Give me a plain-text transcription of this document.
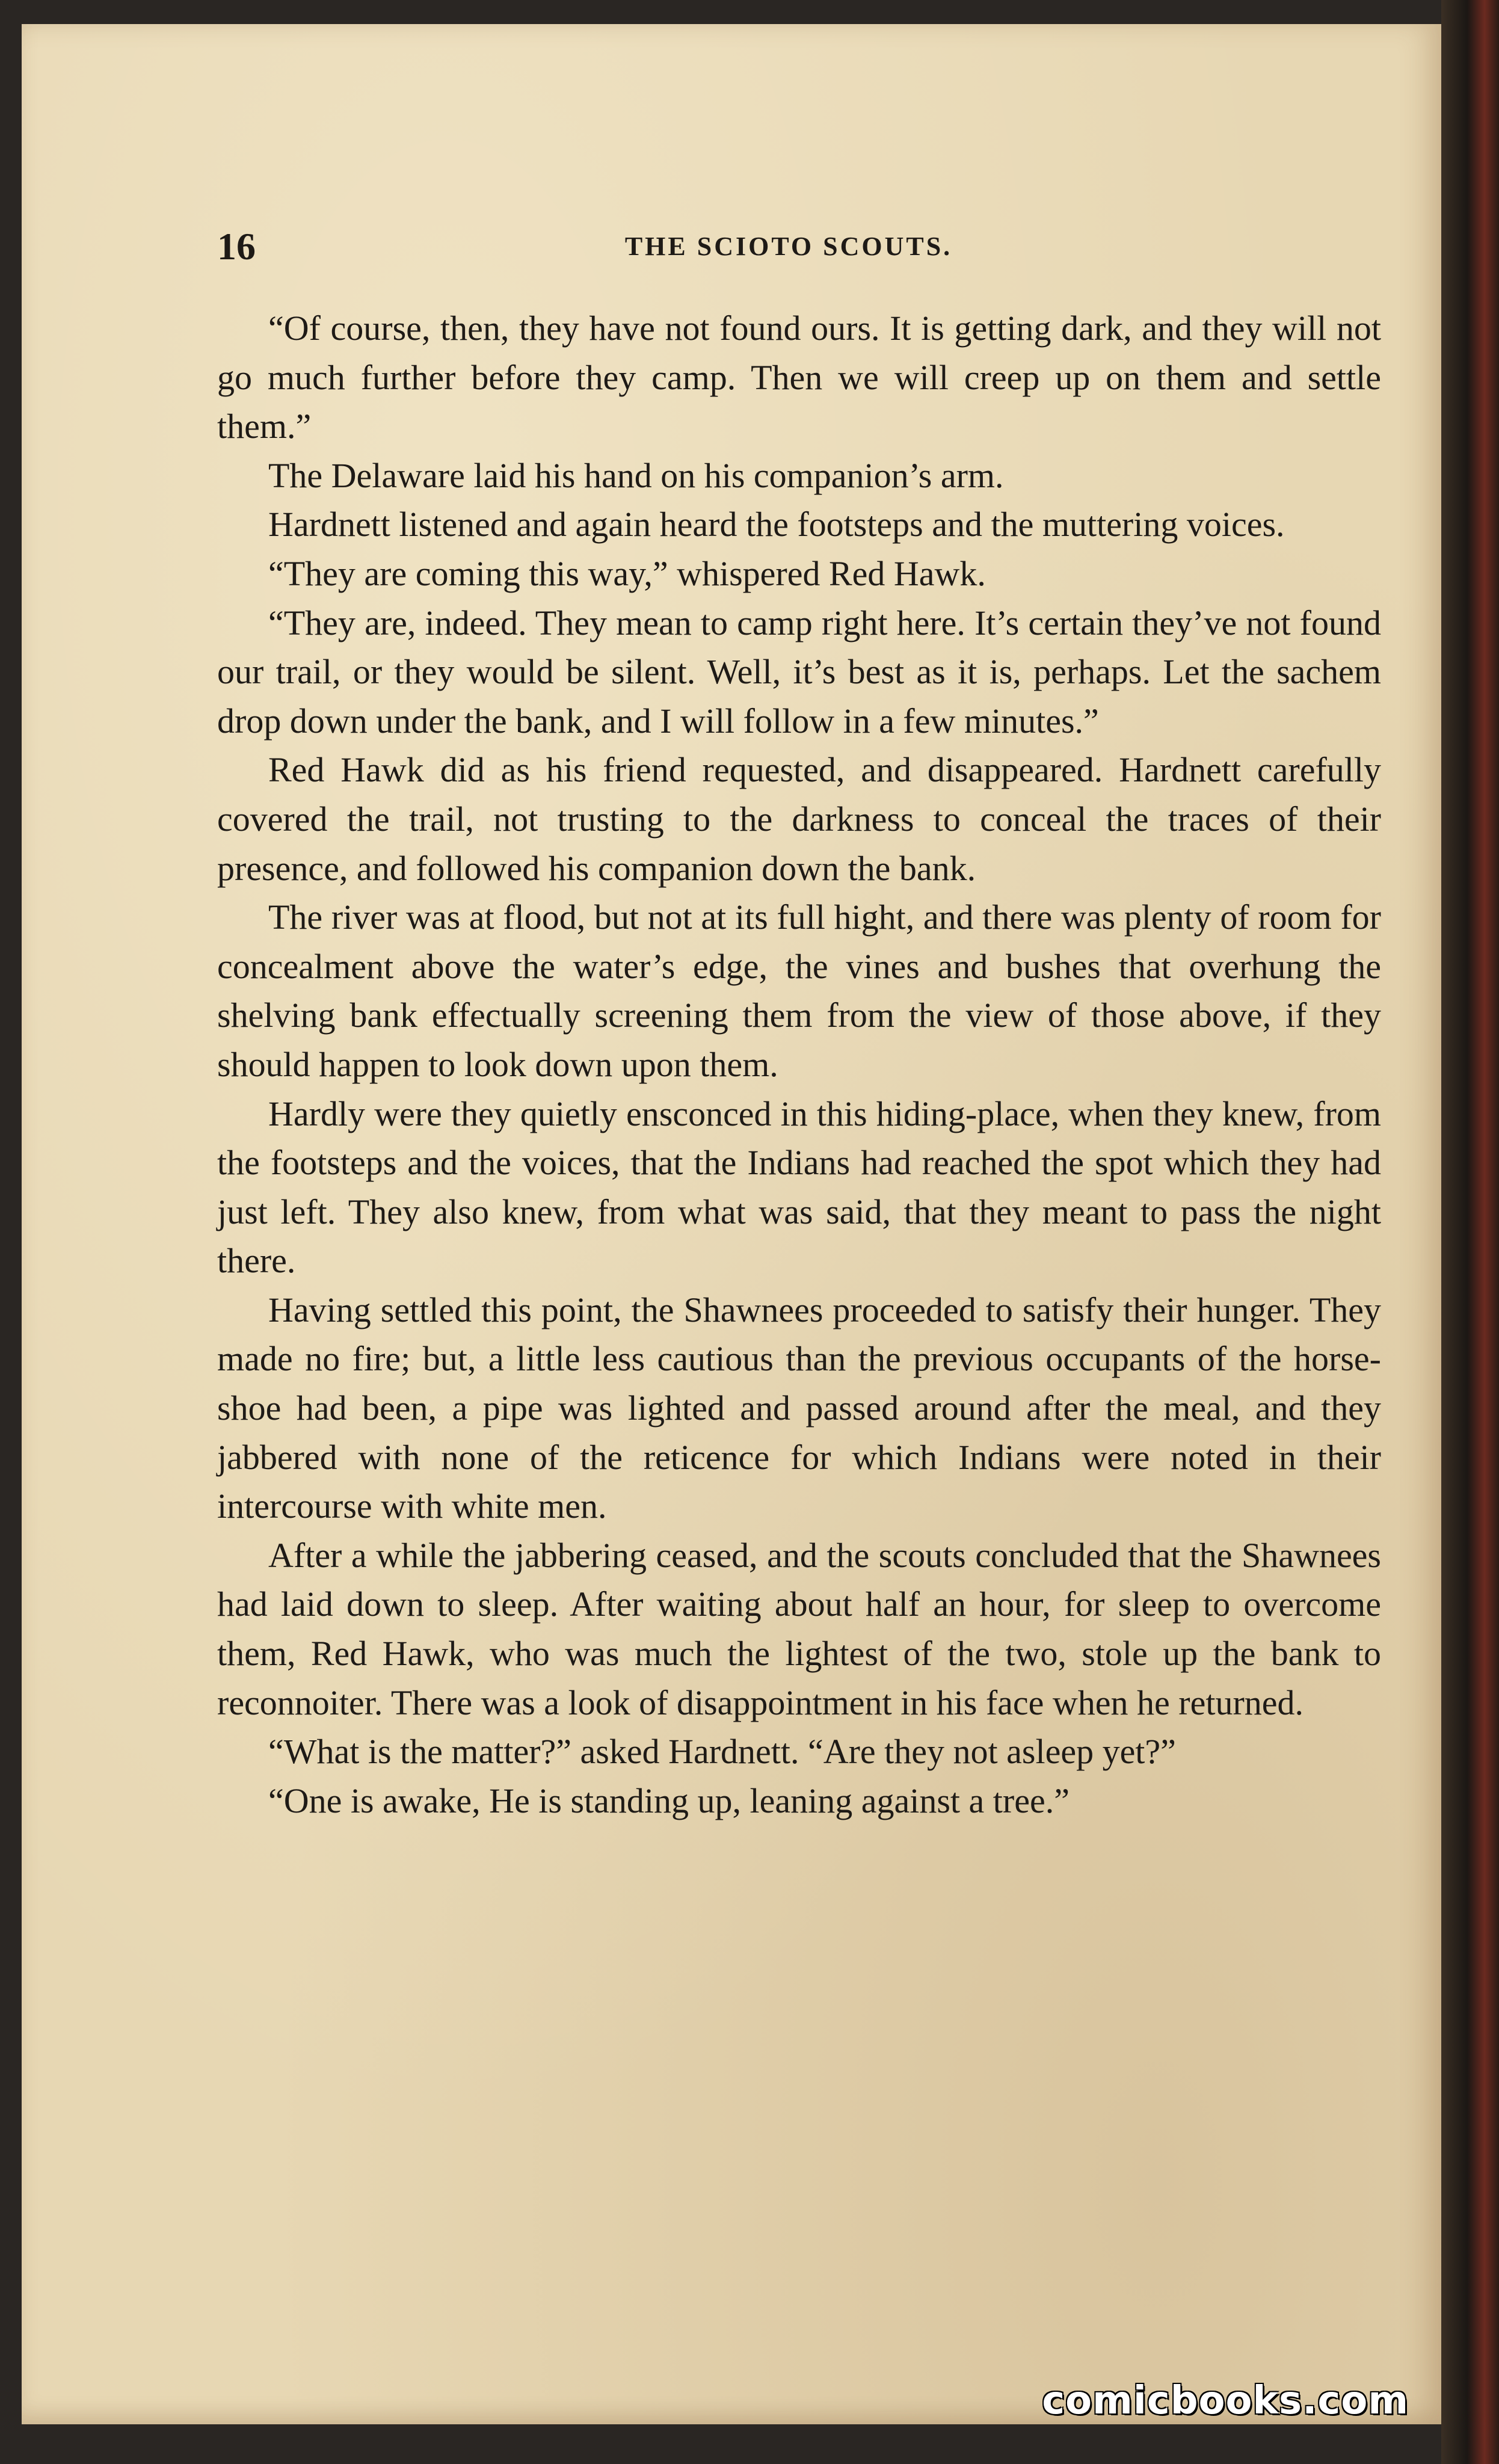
16	THE SCIOTO SCOUTS.

“Of course, then, they have not found ours. It is getting dark, and they will not go much further before they camp. Then we will creep up on them and settle them.”

The Delaware laid his hand on his companion’s arm.

Hardnett listened and again heard the footsteps and the muttering voices.

“They are coming this way,” whispered Red Hawk.

“They are, indeed. They mean to camp right here. It’s certain they’ve not found our trail, or they would be silent. Well, it’s best as it is, perhaps. Let the sachem drop down under the bank, and I will follow in a few minutes.”

Red Hawk did as his friend requested, and disappeared. Hardnett carefully covered the trail, not trusting to the darkness to conceal the traces of their presence, and followed his companion down the bank.

The river was at flood, but not at its full hight, and there was plenty of room for concealment above the water’s edge, the vines and bushes that overhung the shelving bank effectually screening them from the view of those above, if they should happen to look down upon them.

Hardly were they quietly ensconced in this hiding-place, when they knew, from the footsteps and the voices, that the Indians had reached the spot which they had just left. They also knew, from what was said, that they meant to pass the night there.

Having settled this point, the Shawnees proceeded to satisfy their hunger. They made no fire; but, a little less cautious than the previous occupants of the horse-shoe had been, a pipe was lighted and passed around after the meal, and they jabbered with none of the reticence for which Indians were noted in their intercourse with white men.

After a while the jabbering ceased, and the scouts concluded that the Shawnees had laid down to sleep. After waiting about half an hour, for sleep to overcome them, Red Hawk, who was much the lightest of the two, stole up the bank to reconnoiter. There was a look of disappointment in his face when he returned.

“What is the matter?” asked Hardnett. “Are they not asleep yet?”

“One is awake, He is standing up, leaning against a tree.”

comicbooks.com
